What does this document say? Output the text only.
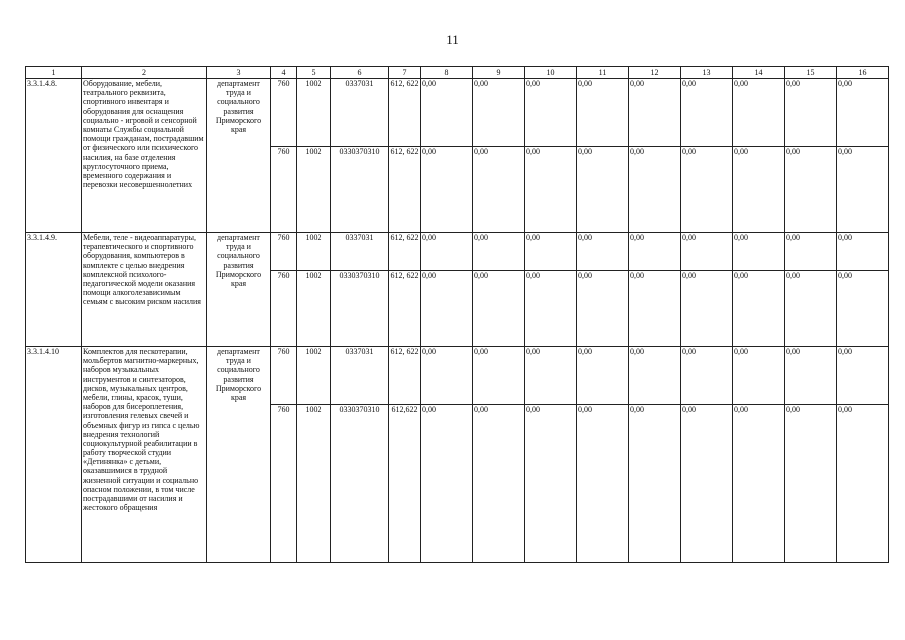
11
1	2	3	4	5	6	7	8	9	10	11	12	13	14	15	16
3.3.1.4.8.	Оборудование, мебели, театрального реквизита, спортивного инвентаря и оборудования для оснащения социально - игровой и сенсорной комнаты Службы социальной помощи гражданам, пострадавшим от физического или психического насилия, на базе отделения круглосуточного приема, временного содержания и перевозки несовершеннолетних	департамент труда и социального развития Приморского края	760	1002	0337031	612, 622	0,00	0,00	0,00	0,00	0,00	0,00	0,00	0,00	0,00
			760	1002	0330370310	612, 622	0,00	0,00	0,00	0,00	0,00	0,00	0,00	0,00	0,00
3.3.1.4.9.	Мебели, теле - видеоаппаратуры, терапевтического и спортивного оборудования, компьютеров в комплекте с целью внедрения комплексной психолого-педагогической модели оказания помощи алкоголезависимым семьям с высоким риском насилия	департамент труда и социального развития Приморского края	760	1002	0337031	612, 622	0,00	0,00	0,00	0,00	0,00	0,00	0,00	0,00	0,00
			760	1002	0330370310	612, 622	0,00	0,00	0,00	0,00	0,00	0,00	0,00	0,00	0,00
3.3.1.4.10	Комплектов для пескотерапии, мольбертов магнитно-маркерных, наборов музыкальных инструментов и синтезаторов, дисков, музыкальных центров, мебели, глины, красок, туши, наборов для бисероплетения, изготовления гелевых свечей и объемных фигур из гипса с целью внедрения технологий социокультурной реабилитации в работу творческой студии «Детинянка» с детьми, оказавшимися в трудной жизненной ситуации и социально опасном положении, в том числе пострадавшими от насилия и жестокого обращения	департамент труда и социального развития Приморского края	760	1002	0337031	612, 622	0,00	0,00	0,00	0,00	0,00	0,00	0,00	0,00	0,00
			760	1002	0330370310	612,622	0,00	0,00	0,00	0,00	0,00	0,00	0,00	0,00	0,00
